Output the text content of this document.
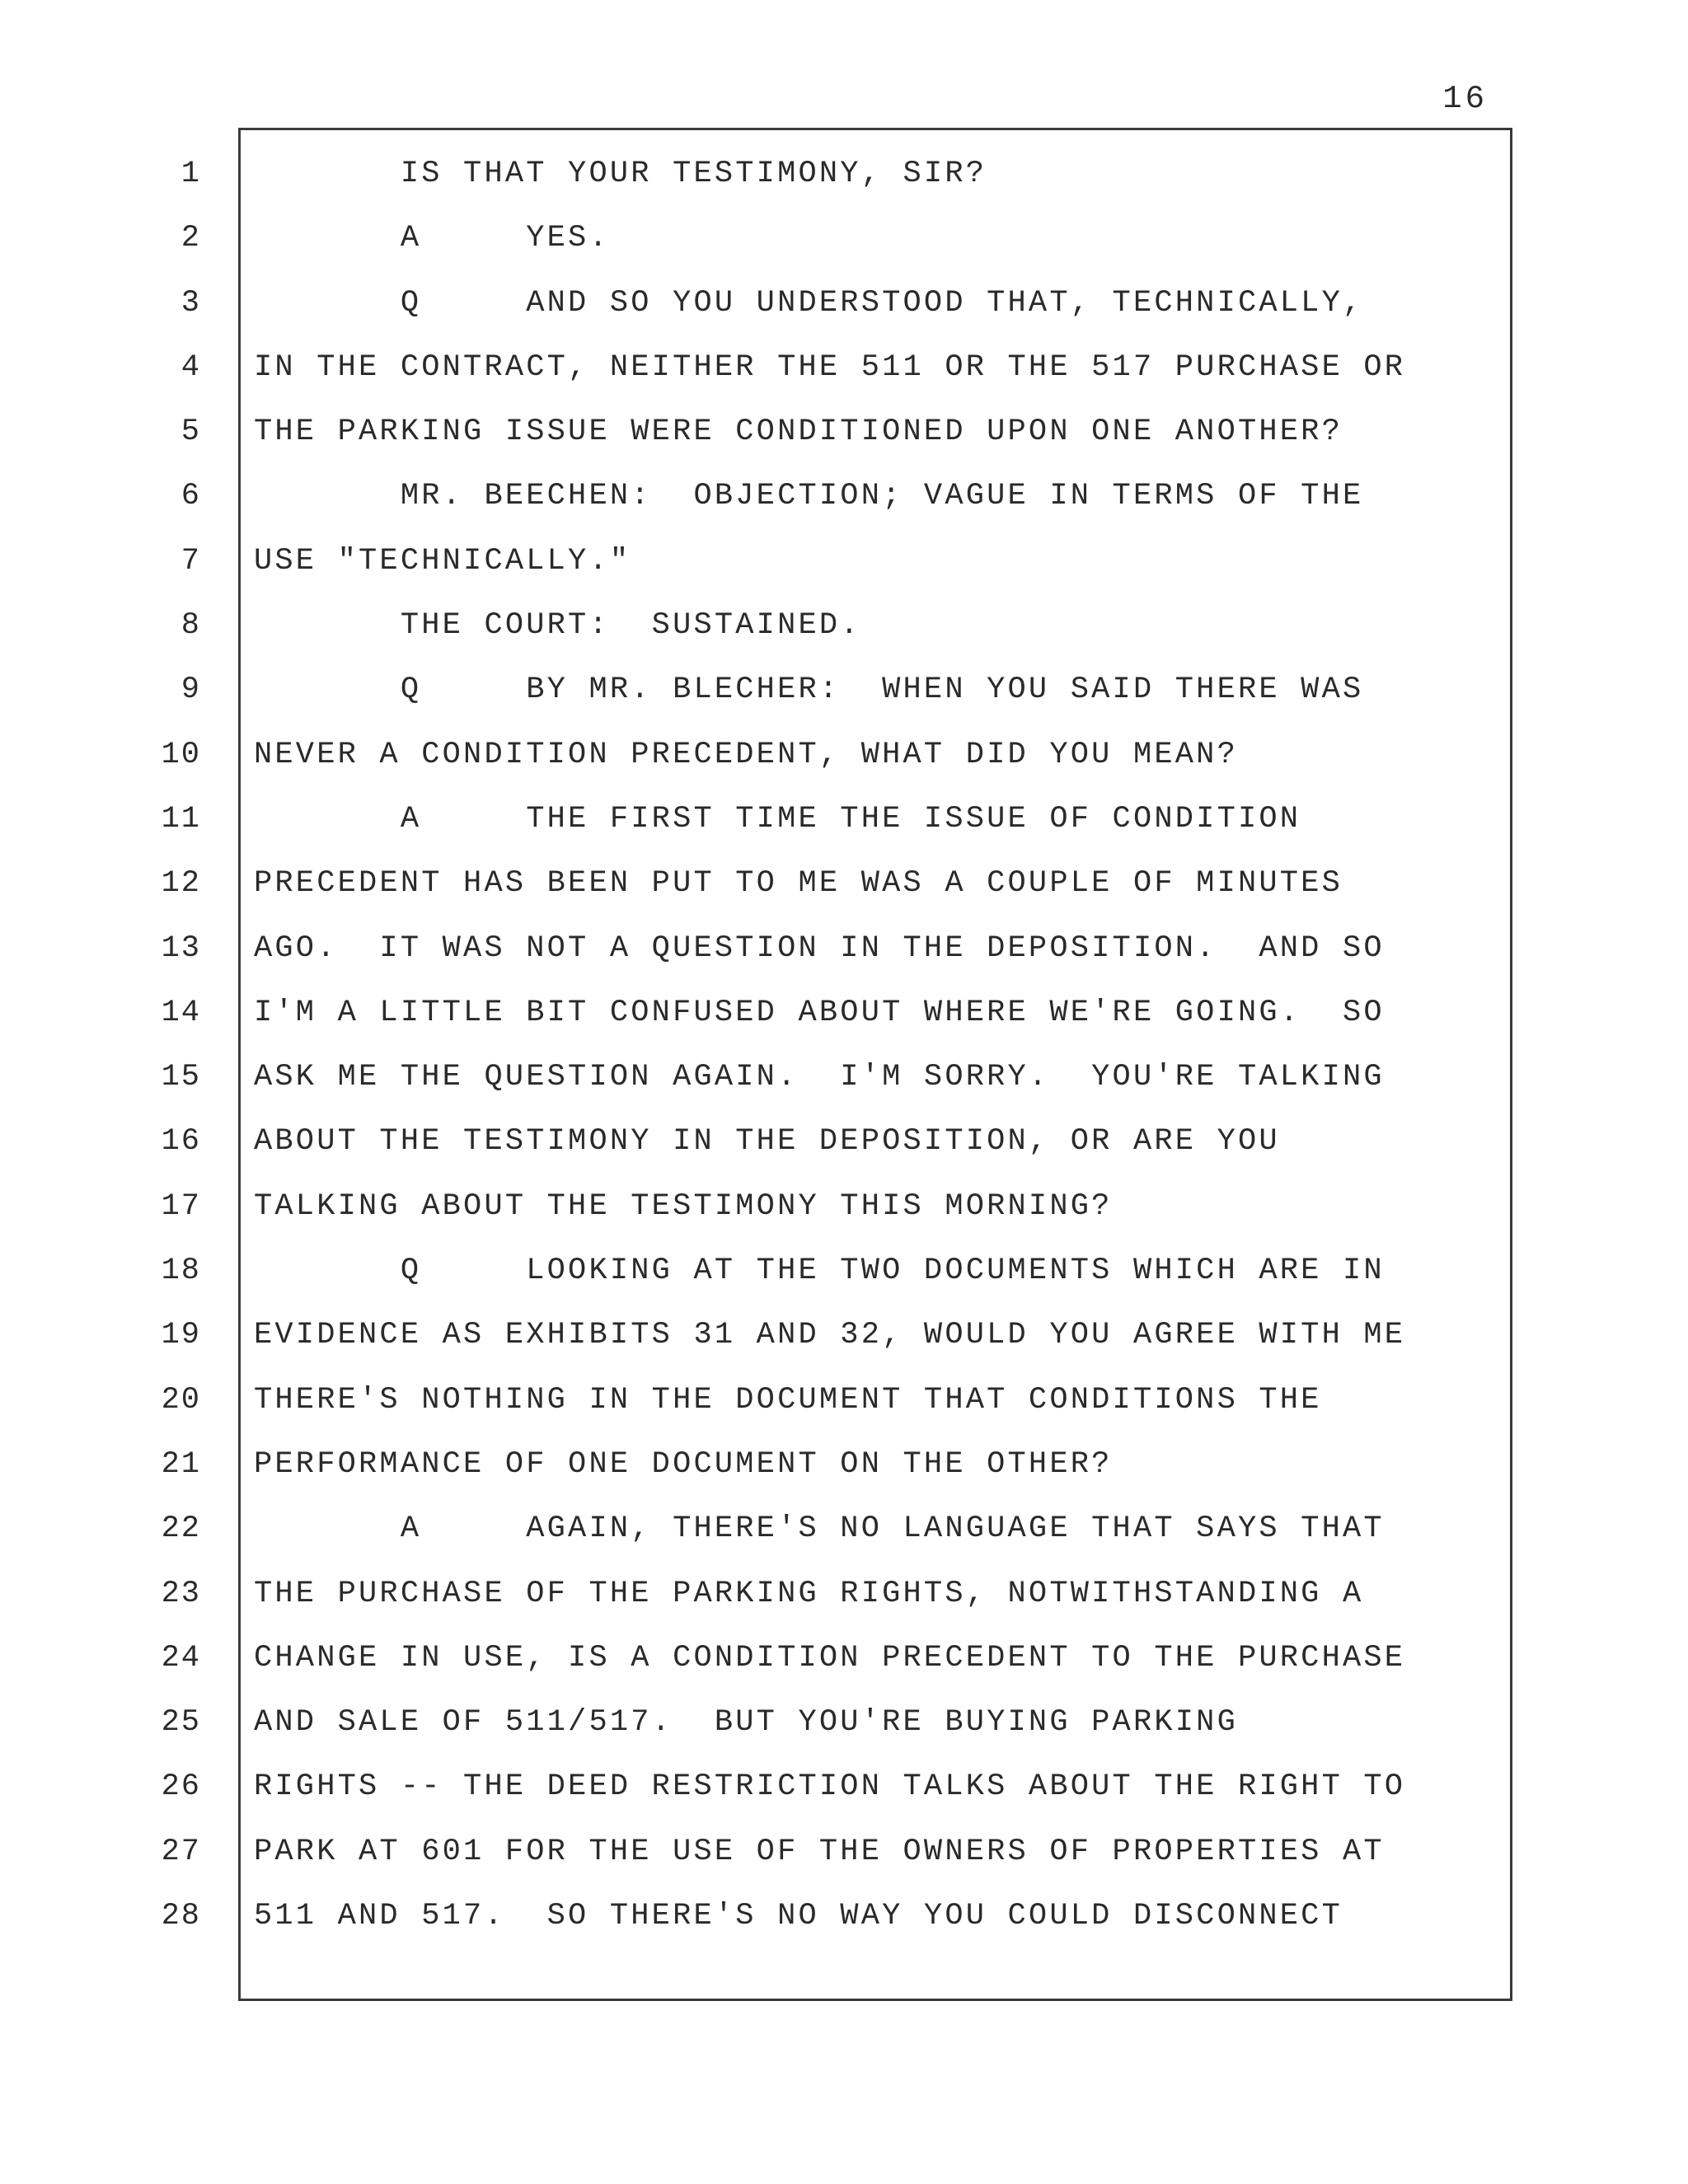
16
1
2
3
4
5
6
7
8
9
10
11
12
13
14
15
16
17
18
19
20
21
22
23
24
25
26
27
28
IS THAT YOUR TESTIMONY, SIR?
A     YES.
Q     AND SO YOU UNDERSTOOD THAT, TECHNICALLY,
IN THE CONTRACT, NEITHER THE 511 OR THE 517 PURCHASE OR
THE PARKING ISSUE WERE CONDITIONED UPON ONE ANOTHER?
MR. BEECHEN:  OBJECTION; VAGUE IN TERMS OF THE
USE "TECHNICALLY."
THE COURT:  SUSTAINED.
Q     BY MR. BLECHER:  WHEN YOU SAID THERE WAS
NEVER A CONDITION PRECEDENT, WHAT DID YOU MEAN?
A     THE FIRST TIME THE ISSUE OF CONDITION
PRECEDENT HAS BEEN PUT TO ME WAS A COUPLE OF MINUTES
AGO.  IT WAS NOT A QUESTION IN THE DEPOSITION.  AND SO
I'M A LITTLE BIT CONFUSED ABOUT WHERE WE'RE GOING.  SO
ASK ME THE QUESTION AGAIN.  I'M SORRY.  YOU'RE TALKING
ABOUT THE TESTIMONY IN THE DEPOSITION, OR ARE YOU
TALKING ABOUT THE TESTIMONY THIS MORNING?
Q     LOOKING AT THE TWO DOCUMENTS WHICH ARE IN
EVIDENCE AS EXHIBITS 31 AND 32, WOULD YOU AGREE WITH ME
THERE'S NOTHING IN THE DOCUMENT THAT CONDITIONS THE
PERFORMANCE OF ONE DOCUMENT ON THE OTHER?
A     AGAIN, THERE'S NO LANGUAGE THAT SAYS THAT
THE PURCHASE OF THE PARKING RIGHTS, NOTWITHSTANDING A
CHANGE IN USE, IS A CONDITION PRECEDENT TO THE PURCHASE
AND SALE OF 511/517.  BUT YOU'RE BUYING PARKING
RIGHTS -- THE DEED RESTRICTION TALKS ABOUT THE RIGHT TO
PARK AT 601 FOR THE USE OF THE OWNERS OF PROPERTIES AT
511 AND 517.  SO THERE'S NO WAY YOU COULD DISCONNECT
